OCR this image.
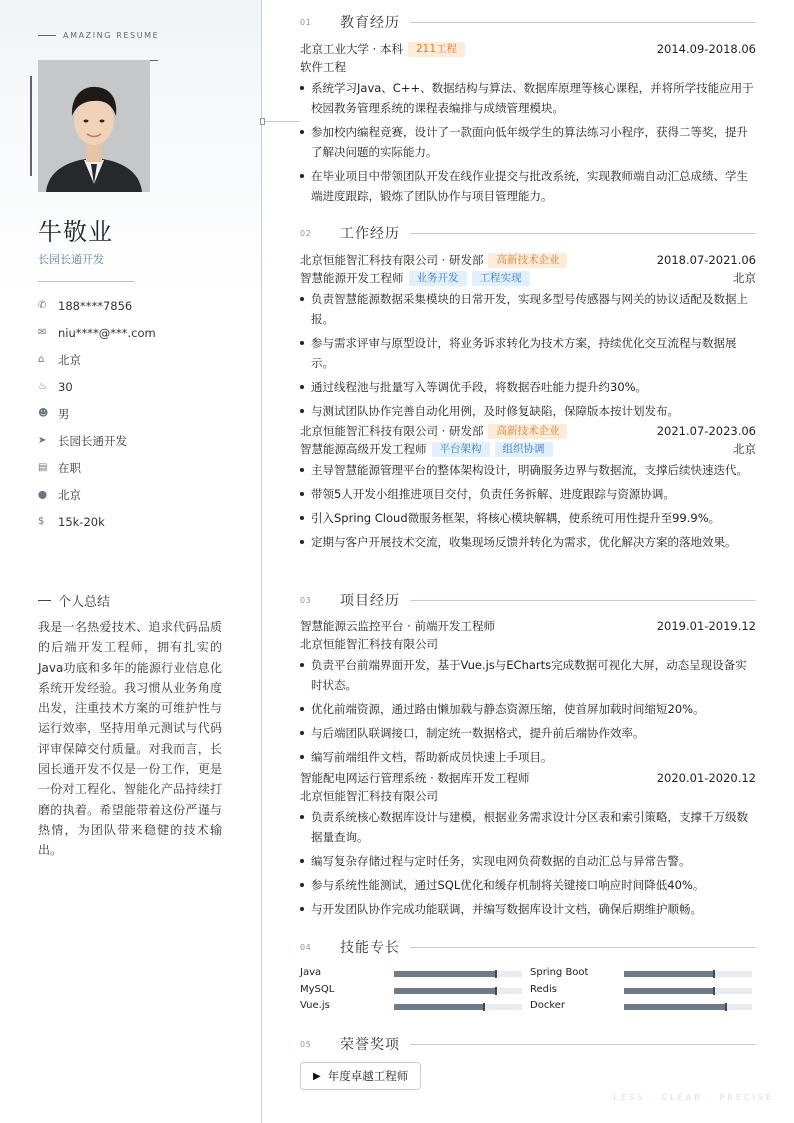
AMAZING RESUME
牛敬业
长园长通开发
✆	188****7856
✉	niu****@***.com
⌂	北京
♨ 30
☻ 男
➤	长园长通开发
▤ 在职
⬤ 北京
$	15k-20k
个人总结
我是一名热爱技术、追求代码品质的后端开发工程师，拥有扎实的Java功底和多年的能源行业信息化系统开发经验。我习惯从业务角度出发，注重技术方案的可维护性与运行效率，坚持用单元测试与代码评审保障交付质量。对我而言，长园长通开发不仅是一份工作，更是一份对工程化、智能化产品持续打磨的执着。希望能带着这份严谨与热情，为团队带来稳健的技术输出。
01	教育经历
北京工业大学 · 本科	211工程	2014.09-2018.06
软件工程
系统学习Java、C++、数据结构与算法、数据库原理等核心课程，并将所学技能应用于校园教务管理系统的课程表编排与成绩管理模块。
参加校内编程竞赛，设计了一款面向低年级学生的算法练习小程序，获得二等奖，提升了解决问题的实际能力。
在毕业项目中带领团队开发在线作业提交与批改系统，实现教师端自动汇总成绩、学生端进度跟踪，锻炼了团队协作与项目管理能力。
02	工作经历
北京恒能智汇科技有限公司 · 研发部	高新技术企业	2018.07-2021.06
智慧能源开发工程师	业务开发	工程实现	北京
负责智慧能源数据采集模块的日常开发，实现多型号传感器与网关的协议适配及数据上报。
参与需求评审与原型设计，将业务诉求转化为技术方案，持续优化交互流程与数据展示。
通过线程池与批量写入等调优手段，将数据吞吐能力提升约30%。
与测试团队协作完善自动化用例，及时修复缺陷，保障版本按计划发布。
北京恒能智汇科技有限公司 · 研发部	高新技术企业	2021.07-2023.06
智慧能源高级开发工程师	平台架构	组织协调	北京
主导智慧能源管理平台的整体架构设计，明确服务边界与数据流，支撑后续快速迭代。
带领5人开发小组推进项目交付，负责任务拆解、进度跟踪与资源协调。
引入Spring Cloud微服务框架，将核心模块解耦，使系统可用性提升至99.9%。
定期与客户开展技术交流，收集现场反馈并转化为需求，优化解决方案的落地效果。
03	项目经历
智慧能源云监控平台 · 前端开发工程师	2019.01-2019.12
北京恒能智汇科技有限公司
负责平台前端界面开发，基于Vue.js与ECharts完成数据可视化大屏，动态呈现设备实时状态。
优化前端资源，通过路由懒加载与静态资源压缩，使首屏加载时间缩短20%。
与后端团队联调接口，制定统一数据格式，提升前后端协作效率。
编写前端组件文档，帮助新成员快速上手项目。
智能配电网运行管理系统 · 数据库开发工程师	2020.01-2020.12
北京恒能智汇科技有限公司
负责系统核心数据库设计与建模，根据业务需求设计分区表和索引策略，支撑千万级数据量查询。
编写复杂存储过程与定时任务，实现电网负荷数据的自动汇总与异常告警。
参与系统性能测试，通过SQL优化和缓存机制将关键接口响应时间降低40%。
与开发团队协作完成功能联调，并编写数据库设计文档，确保后期维护顺畅。
04	技能专长
Java	Spring Boot
MySQL	Redis
Vue.js	Docker
05	荣誉奖项
▶ 年度卓越工程师
LESS · CLEAR · PRECISE
